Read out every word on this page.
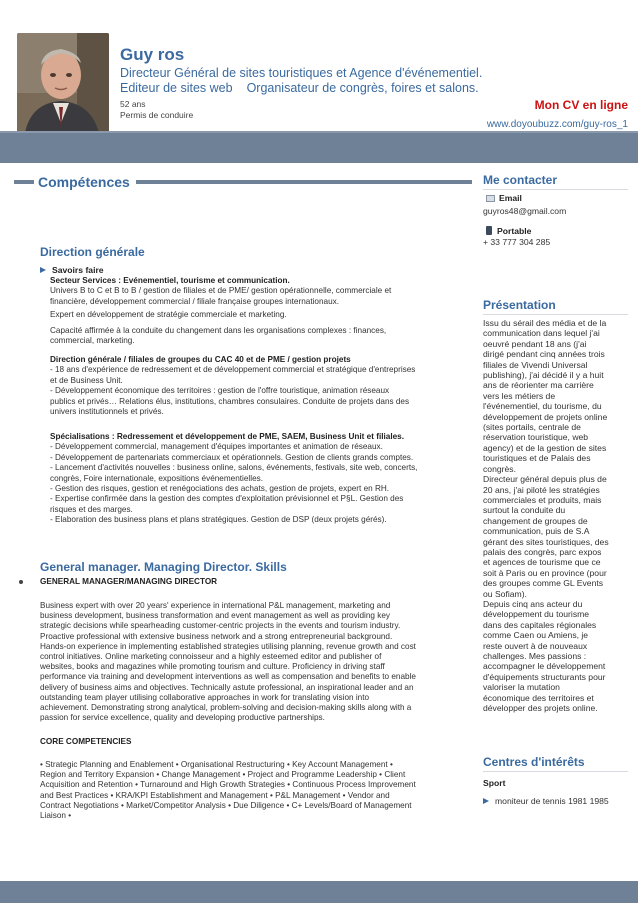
Guy ros
Directeur Général de sites touristiques et Agence d'événementiel.
Editeur de sites web Organisateur de congrès, foires et salons.
52 ans
Permis de conduire
Mon CV en ligne
www.doyoubuzz.com/guy-ros_1
Compétences
Direction générale
Savoirs faire
Secteur Services : Evénementiel, tourisme et communication.
Univers B to C et B to B / gestion de filiales et de PME/ gestion opérationnelle, commerciale et
financière, développement commercial / filiale française groupes internationaux.
Expert en développement de stratégie commerciale et marketing.
Capacité affirmée à la conduite du changement dans les organisations complexes : finances,
commercial, marketing.
Direction générale / filiales de groupes du CAC 40 et de PME / gestion projets
- 18 ans d'expérience de redressement et de développement commercial et stratégique d'entreprises
et de Business Unit.
- Développement économique des territoires : gestion de l'offre touristique, animation réseaux
publics et privés… Relations élus, institutions, chambres consulaires. Conduite de projets dans des
univers institutionnels et privés.
Spécialisations : Redressement et développement de PME, SAEM, Business Unit et filiales.
- Développement commercial, management d'équipes importantes et animation de réseaux.
- Développement de partenariats commerciaux et opérationnels. Gestion de clients grands comptes.
- Lancement d'activités nouvelles : business online, salons, événements, festivals, site web, concerts,
congrès, Foire internationale, expositions événementielles.
- Gestion des risques, gestion et renégociations des achats, gestion de projets, expert en RH.
- Expertise confirmée dans la gestion des comptes d'exploitation prévisionnel et P§L. Gestion des
risques et des marges.
- Elaboration des business plans et plans stratégiques. Gestion de DSP (deux projets gérés).
General manager. Managing Director. Skills
GENERAL MANAGER/MANAGING DIRECTOR
Business expert with over 20 years' experience in international P&L management, marketing and
business development, business transformation and event management as well as providing key
strategic decisions while spearheading customer-centric projects in the events and tourism industry.
Proactive professional with extensive business network and a strong entrepreneurial background.
Hands-on experience in implementing established strategies utilising planning, revenue growth and cost
control initiatives. Online marketing connoisseur and a highly esteemed editor and publisher of
websites, books and magazines while promoting tourism and culture. Proficiency in driving staff
performance via training and development interventions as well as compensation and benefits to enable
delivery of business aims and objectives. Technically astute professional, an inspirational leader and an
outstanding team player utilising collaborative approaches in work for translating vision into
achievement. Demonstrating strong analytical, problem-solving and decision-making skills along with a
passion for service excellence, quality and developing productive partnerships.
CORE COMPETENCIES
• Strategic Planning and Enablement • Organisational Restructuring • Key Account Management •
Region and Territory Expansion • Change Management • Project and Programme Leadership • Client
Acquisition and Retention • Turnaround and High Growth Strategies • Continuous Process Improvement
and Best Practices • KRA/KPI Establishment and Management • P&L Management • Vendor and
Contract Negotiations • Market/Competitor Analysis • Due Diligence • C+ Levels/Board of Management
Liaison •
Me contacter
Email
guyros48@gmail.com
Portable
+ 33 777 304 285
Présentation
Issu du sérail des média et de la
communication dans lequel j'ai
oeuvré pendant 18 ans (j'ai
dirigé pendant cinq années trois
filiales de Vivendi Universal
publishing), j'ai décidé il y a huit
ans de réorienter ma carrière
vers les métiers de
l'événementiel, du tourisme, du
développement de projets online
(sites portails, centrale de
réservation touristique, web
agency) et de la gestion de sites
touristiques et de Palais des
congrès.
Directeur général depuis plus de
20 ans, j'ai piloté les stratégies
commerciales et produits, mais
surtout la conduite du
changement de groupes de
communication, puis de S.A
gérant des sites touristiques, des
palais des congrès, parc expos
et agences de tourisme que ce
soit à Paris ou en province (pour
des groupes comme GL Events
ou Sofiam).
Depuis cinq ans acteur du
développement du tourisme
dans des capitales régionales
comme Caen ou Amiens, je
reste ouvert à de nouveaux
challenges. Mes passions :
accompagner le développement
d'équipements structurants pour
valoriser la mutation
économique des territoires et
développer des projets online.
Centres d'intérêts
Sport
moniteur de tennis 1981 1985
